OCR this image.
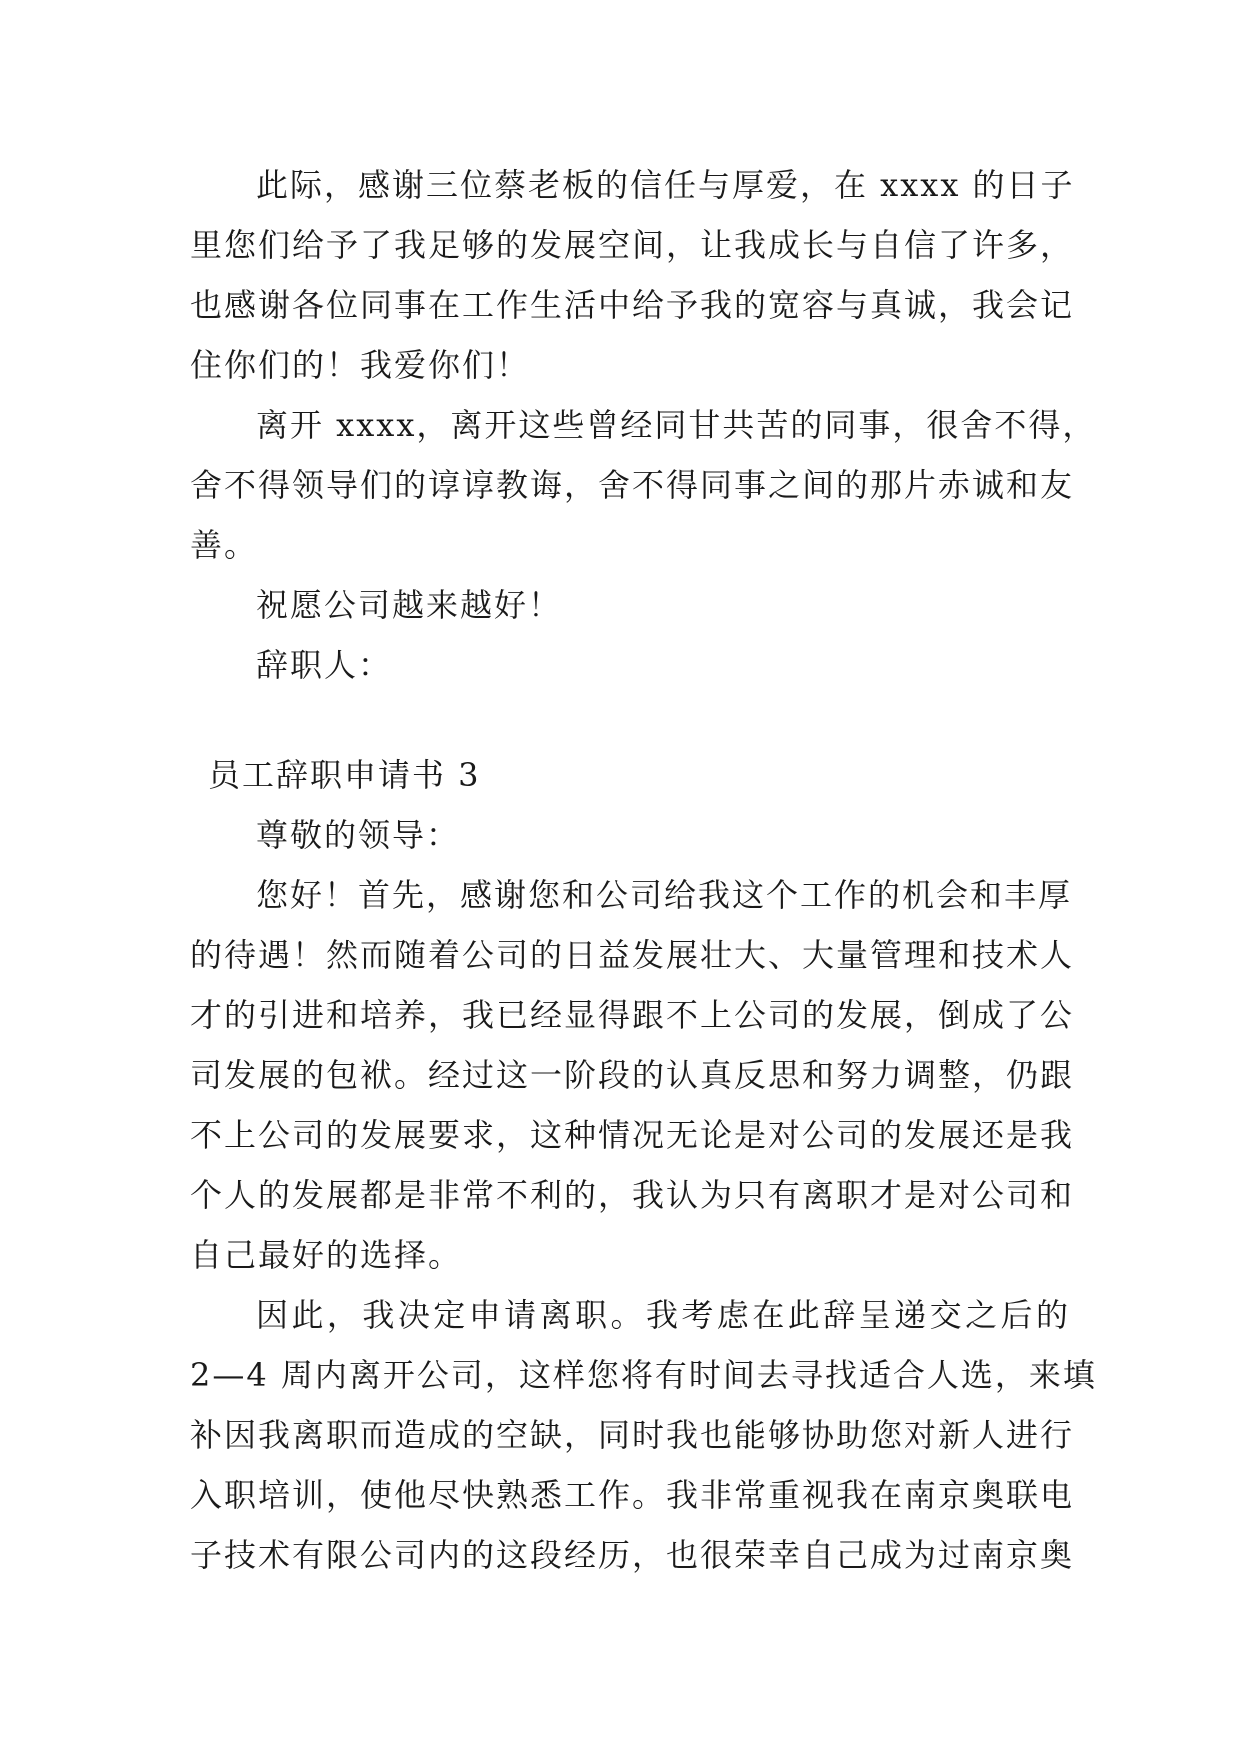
此际，感谢三位蔡老板的信任与厚爱，在 xxxx 的日子
里您们给予了我足够的发展空间，让我成长与自信了许多，
也感谢各位同事在工作生活中给予我的宽容与真诚，我会记
住你们的！我爱你们！
离开 xxxx，离开这些曾经同甘共苦的同事，很舍不得，
舍不得领导们的谆谆教诲，舍不得同事之间的那片赤诚和友
善。
祝愿公司越来越好！
辞职人：
员工辞职申请书 3
尊敬的领导：
您好！首先，感谢您和公司给我这个工作的机会和丰厚
的待遇！然而随着公司的日益发展壮大、大量管理和技术人
才的引进和培养，我已经显得跟不上公司的发展，倒成了公
司发展的包袱。经过这一阶段的认真反思和努力调整，仍跟
不上公司的发展要求，这种情况无论是对公司的发展还是我
个人的发展都是非常不利的，我认为只有离职才是对公司和
自己最好的选择。
因此，我决定申请离职。我考虑在此辞呈递交之后的
2—4 周内离开公司，这样您将有时间去寻找适合人选，来填
补因我离职而造成的空缺，同时我也能够协助您对新人进行
入职培训，使他尽快熟悉工作。我非常重视我在南京奥联电
子技术有限公司内的这段经历，也很荣幸自己成为过南京奥
